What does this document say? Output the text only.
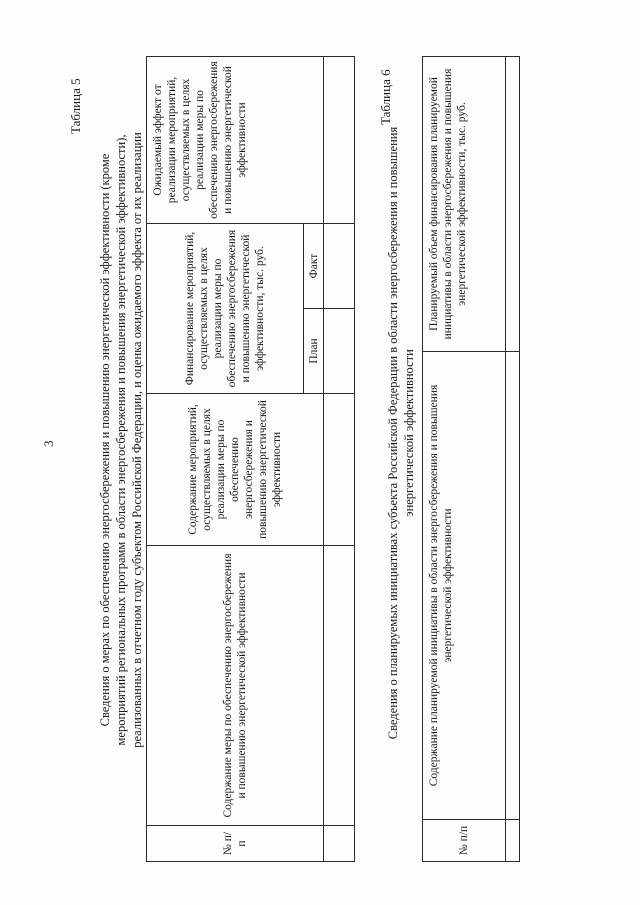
3
Таблица 5
Сведения о мерах по обеспечению энергосбережения и повышению энергетической эффективности (кроме мероприятий региональных программ в области энергосбережения и повышения энергетической эффективности), реализованных в отчетном году субъектом Российской Федерации, и оценка ожидаемого эффекта от их реализации
№ п/п	Содержание меры по обеспечению энергосбережения и повышению энергетической эффективности	Содержание мероприятий, осуществляемых в целях реализации меры по обеспечению энергосбережения и повышению энергетической эффективности	Финансирование мероприятий, осуществляемых в целях реализации меры по обеспечению энергосбережения и повышению энергетической эффективности, тыс. руб.		Ожидаемый эффект от реализации мероприятий, осуществляемых в целях реализации меры по обеспечению энергосбережения и повышению энергетической эффективности
			План	Факт	

Таблица 6
Сведения о планируемых инициативах субъекта Российской Федерации в области энергосбережения и повышения энергетической эффективности
№ п/п	Содержание планируемой инициативы в области энергосбережения и повышения энергетической эффективности	Планируемый объем финансирования планируемой инициативы в области энергосбережения и повышения энергетической эффективности, тыс. руб.
